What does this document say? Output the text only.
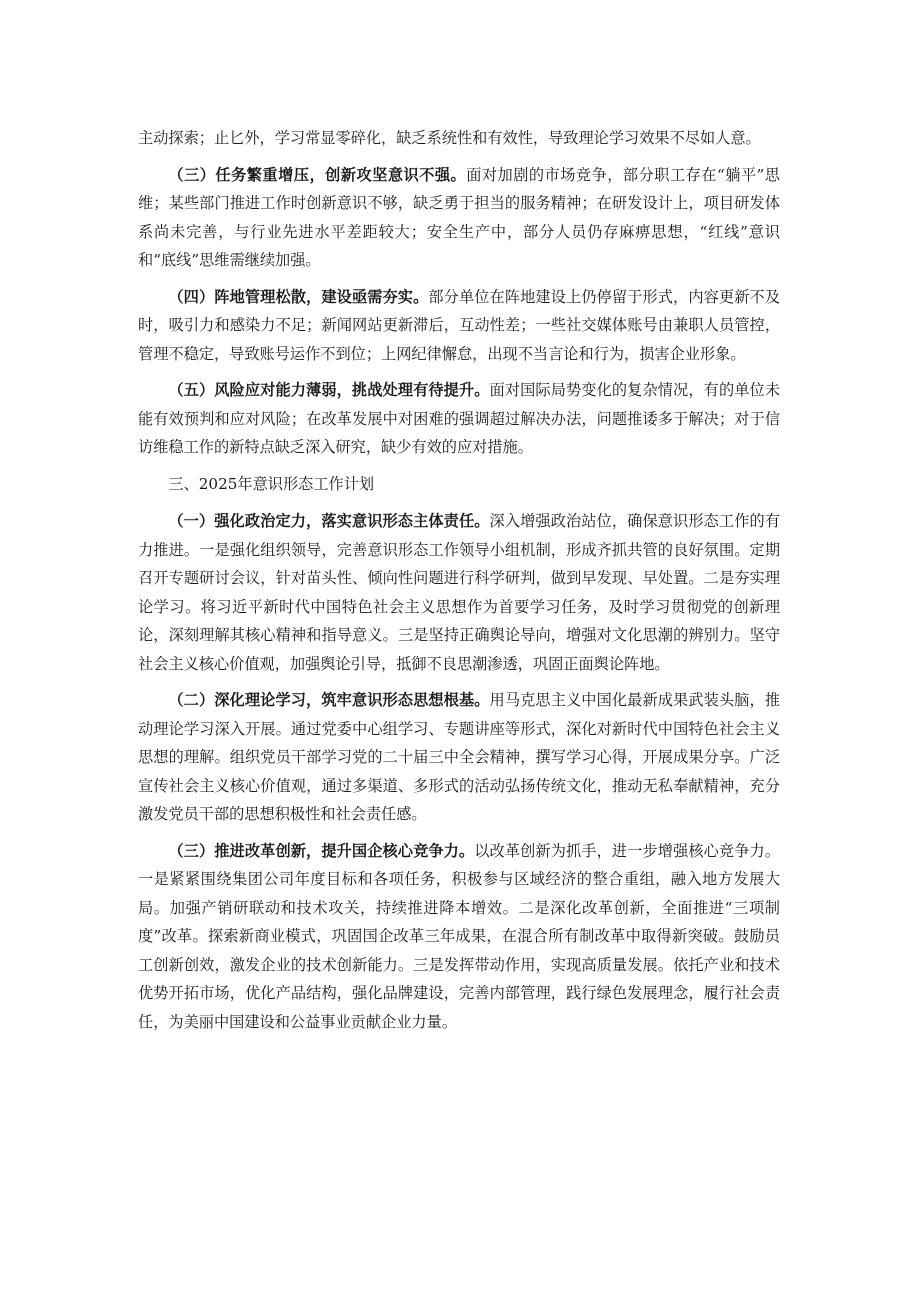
主动探索；止匕外，学习常显零碎化，缺乏系统性和有效性，导致理论学习效果不尽如人意。

（三）任务繁重增压，创新攻坚意识不强。面对加剧的市场竞争，部分职工存在“躺平”思维；某些部门推进工作时创新意识不够，缺乏勇于担当的服务精神；在研发设计上，项目研发体系尚未完善，与行业先进水平差距较大；安全生产中，部分人员仍存麻痹思想，“红线”意识和“底线”思维需继续加强。

（四）阵地管理松散，建设亟需夯实。部分单位在阵地建设上仍停留于形式，内容更新不及时，吸引力和感染力不足；新闻网站更新滞后，互动性差；一些社交媒体账号由兼职人员管控，管理不稳定，导致账号运作不到位；上网纪律懈怠，出现不当言论和行为，损害企业形象。

（五）风险应对能力薄弱，挑战处理有待提升。面对国际局势变化的复杂情况，有的单位未能有效预判和应对风险；在改革发展中对困难的强调超过解决办法，问题推诿多于解决；对于信访维稳工作的新特点缺乏深入研究，缺少有效的应对措施。

三、2025年意识形态工作计划

（一）强化政治定力，落实意识形态主体责任。深入增强政治站位，确保意识形态工作的有力推进。一是强化组织领导，完善意识形态工作领导小组机制，形成齐抓共管的良好氛围。定期召开专题研讨会议，针对苗头性、倾向性问题进行科学研判，做到早发现、早处置。二是夯实理论学习。将习近平新时代中国特色社会主义思想作为首要学习任务，及时学习贯彻党的创新理论，深刻理解其核心精神和指导意义。三是坚持正确舆论导向，增强对文化思潮的辨别力。坚守社会主义核心价值观，加强舆论引导，抵御不良思潮渗透，巩固正面舆论阵地。

（二）深化理论学习，筑牢意识形态思想根基。用马克思主义中国化最新成果武装头脑，推动理论学习深入开展。通过党委中心组学习、专题讲座等形式，深化对新时代中国特色社会主义思想的理解。组织党员干部学习党的二十届三中全会精神，撰写学习心得，开展成果分享。广泛宣传社会主义核心价值观，通过多渠道、多形式的活动弘扬传统文化，推动无私奉献精神，充分激发党员干部的思想积极性和社会责任感。

（三）推进改革创新，提升国企核心竞争力。以改革创新为抓手，进一步增强核心竞争力。一是紧紧围绕集团公司年度目标和各项任务，积极参与区域经济的整合重组，融入地方发展大局。加强产销研联动和技术攻关，持续推进降本增效。二是深化改革创新，全面推进“三项制度”改革。探索新商业模式，巩固国企改革三年成果，在混合所有制改革中取得新突破。鼓励员工创新创效，激发企业的技术创新能力。三是发挥带动作用，实现高质量发展。依托产业和技术优势开拓市场，优化产品结构，强化品牌建设，完善内部管理，践行绿色发展理念，履行社会责任，为美丽中国建设和公益事业贡献企业力量。
